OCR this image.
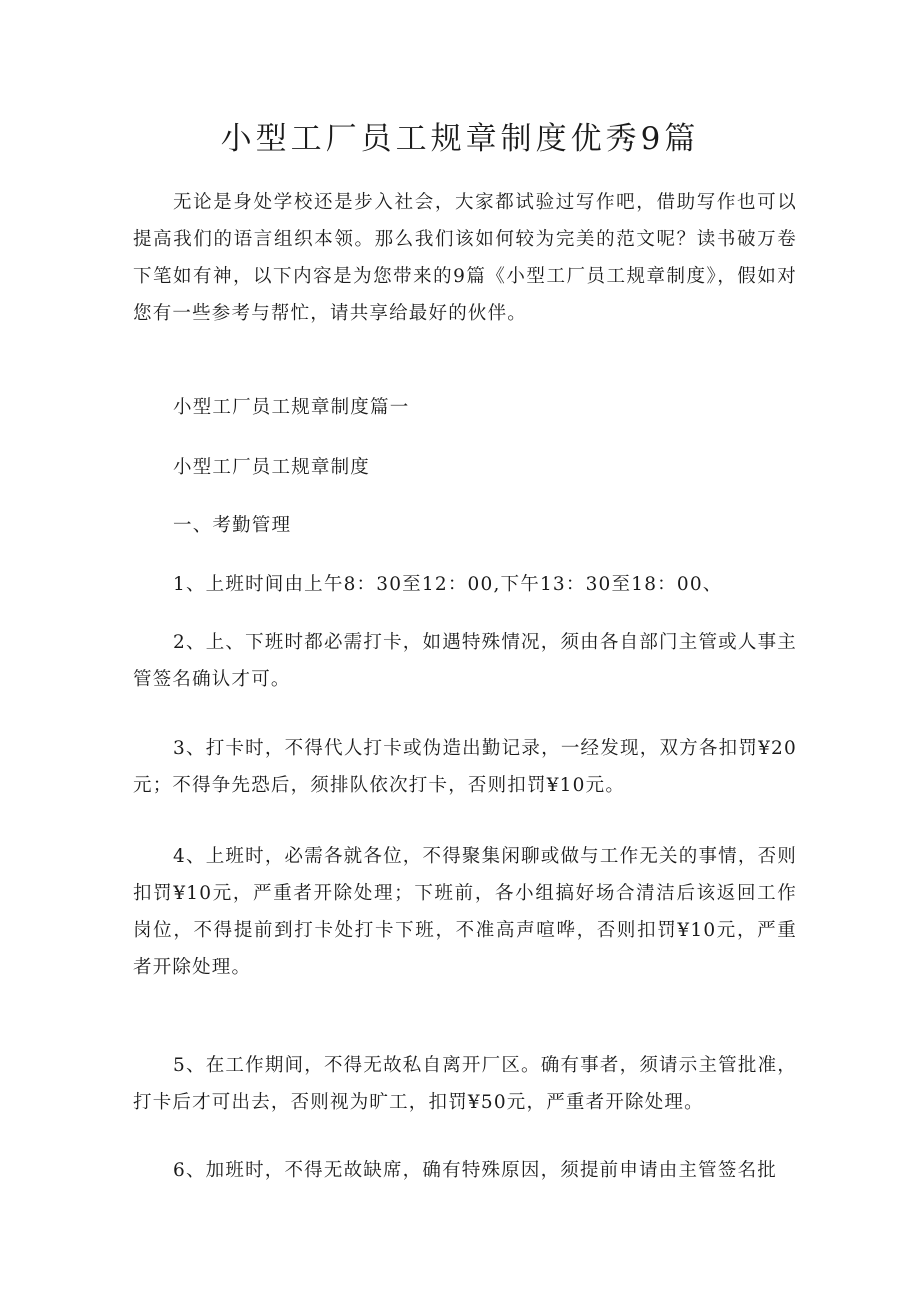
小型工厂员工规章制度优秀9篇

无论是身处学校还是步入社会，大家都试验过写作吧，借助写作也可以提高我们的语言组织本领。那么我们该如何较为完美的范文呢？读书破万卷下笔如有神，以下内容是为您带来的9篇《小型工厂员工规章制度》，假如对您有一些参考与帮忙，请共享给最好的伙伴。

小型工厂员工规章制度篇一

小型工厂员工规章制度

一、考勤管理

1、上班时间由上午8：30至12：00,下午13：30至18：00、

2、上、下班时都必需打卡，如遇特殊情况，须由各自部门主管或人事主管签名确认才可。

3、打卡时，不得代人打卡或伪造出勤记录，一经发现，双方各扣罚¥20元；不得争先恐后，须排队依次打卡，否则扣罚¥10元。

4、上班时，必需各就各位，不得聚集闲聊或做与工作无关的事情，否则扣罚¥10元，严重者开除处理；下班前，各小组搞好场合清洁后该返回工作岗位，不得提前到打卡处打卡下班，不准高声喧哗，否则扣罚¥10元，严重者开除处理。

5、在工作期间，不得无故私自离开厂区。确有事者，须请示主管批准，打卡后才可出去，否则视为旷工，扣罚¥50元，严重者开除处理。

6、加班时，不得无故缺席，确有特殊原因，须提前申请由主管签名批
